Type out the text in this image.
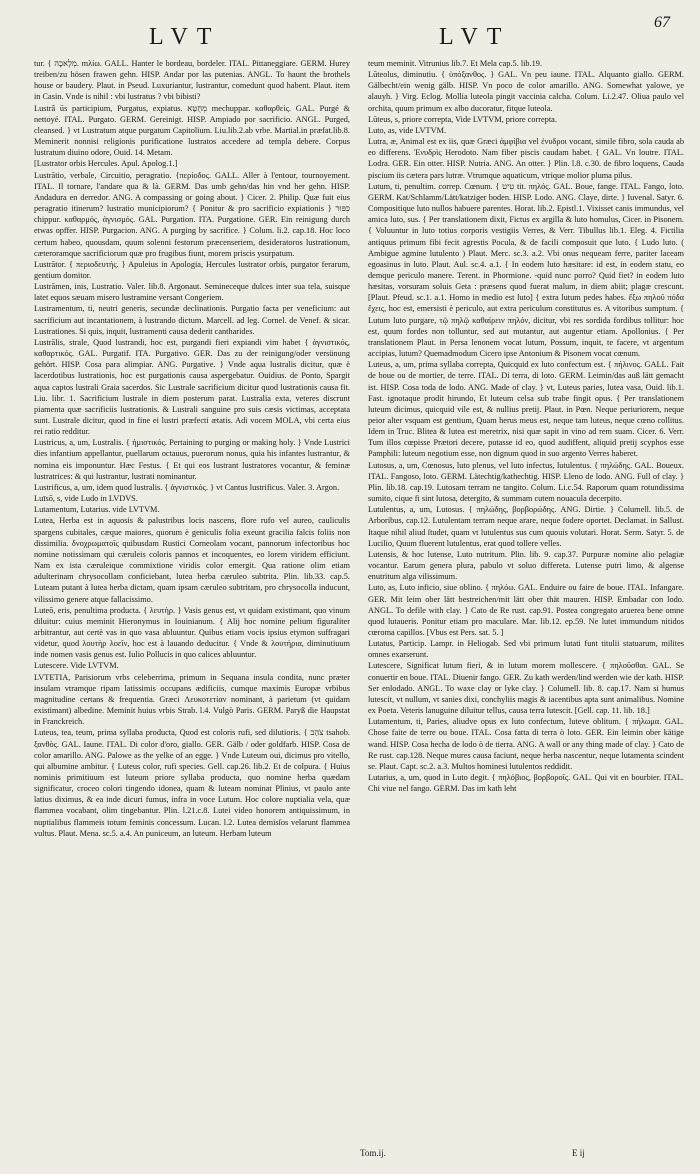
LVT	LVT
67

tur. { מְלָאכָה. mλίω. GALL. Hanter le bordeau, bordeler. ITAL. Pittaneggiare. GERM. Hurey treiben/zu hösen frawen gehn. HISP. Andar por las putenias. ANGL. To haunt the brothels house or baudery. Plaut. in Pseud. Luxuriantur, lustrantur, comedunt quod habent. Plaut. item in Casin. Vnde is nihil : vbi lustratus ? vbi bibisti?

Lustrâ ūs participium, Purgatus, expiatus. מְחֻטָּא mechuppar. καθαρθεὶς. GAL. Purgé & nettoyé. ITAL. Purgato. GERM. Gereinigt. HISP. Ampiado por sacrificio. ANGL. Purged, cleansed. } vt Lustratum atque purgatum Capitolium. Liu.lib.2.ab vrbe. Martial.in præfat.lib.8. Meminerit nonnisi religionis purificatione lustratos accedere ad templa debere. Corpus lustratum diuino odore, Ouid. 14. Metam.

[Lustrator orbis Hercules. Apul. Apolog.1.]

Lustrātio, verbale, Circuitio, peragratio. {περίοδος. GALL. Aller à l'entour, tournoyement. ITAL. Il tornare, l'andare qua & là. GERM. Das umb gehn/das hin vnd her gehn. HISP. Andadura en derredor. ANG. A compassing or going about. } Cicer. 2. Philip. Quæ fuit eius peragratio itinerum? lustratio municipiorum? { Ponitur & pro sacrificio expiationis } כִּפּוּר chippur. καθαρμός, ἁγνισμός. GAL. Purgation. ITA. Purgatione. GER. Ein reinigung durch etwas opffer. HISP. Purgacion. ANG. A purging by sacrifice. } Colum. li.2. cap.18. Hoc loco certum habeo, quousdam, quum solenni festorum præcenseriem, desideratoros lustrationum, cæteroramque sacrificiorum quæ pro frugibus fiunt, morem priscis ysurpatum.

Lustrātor. { περιοδευτής. } Apuleius in Apologia, Hercules lustrator orbis, purgator ferarum, gentium domitor.

Lustrāmen, inis, Lustratio. Valer. lib.8. Argonaut. Semineceque dulces inter sua tela, suisque latet equos sæuam misero lustramine versant Congeriem.

Lustramentum, ti, neutri generis, secundæ declinationis. Purgatio facta per veneficium: aut sacrificium aut incantationem, à lustrando dictum. Marcell. ad leg. Cornel. de Venef. & sicar. Lustrationes. Si quis, inquit, lustramenti causa dederit cantharides.

Lustrālis, strale, Quod lustrandi, hoc est, purgandi fieri expiandi vim habet { ἁγνιστικός, καθαρτικός. GAL. Purgatif. ITA. Purgativo. GER. Das zu der reinigung/oder versünung gehört. HISP. Cosa para alimpiar. ANG. Purgative. } Vnde aqua lustralis dicitur, quæ è lacerdotibus lustrationis, hoc est purgationis causa aspergebatur. Ouidius. de Ponto, Spargit aqua captos lustrali Graia sacerdos. Sic Lustrale sacrificium dicitur quod lustrationis causa fit. Liu. libr. 1. Sacrificium lustrale in diem posterum parat. Lustralia exta, veteres discrunt piamenta quæ sacrificiis lustrationis. & Lustrali sanguine pro suis cæsis victimas, acceptata sunt. Lustrale dicitur, quod in fine ei lustri præfecti ætatis. Adi vocem MOLA, vbi certa eius rei ratio redditur.

Lustricus, a, um, Lustralis. { ἡμιστικός. Pertaining to purging or making holy. } Vnde Lustrici dies infantium appellantur, puellarum octauus, puerorum nonus, quia his infantes lustrantur, & nomina eis imponuntur. Hæc Festus. { Et qui eos lustrant lustratores vocantur, & feminæ lustratrices: & qui lustrantur, lustrati nominantur.

Lustrificus, a, um, idem quod lustralis. { ἀγνιστικός. } vt Cantus lustrificus. Valer. 3. Argon.

Luīsō, s, vide Ludo in LVDVS.

Lutamentum, Lutarius. vide LVTVM.

Lutea, Herba est in aquosis & palustribus locis nascens, flore rufo vel aureo, cauliculis spargens cubitales, cæque maiores, quorum è geniculis folia exeunt gracilia falcis foliis non dissimilia. δνοχρωματοῖς quibusdam Rustici Corneolam vocant, pannorum infectoribus hoc nomine notissimam qui cæruleis coloris pannos et incoquentes, eo lorem viridem efficiunt. Nam ex ista cæruleique commixtione viridis color emergit. Qua ratione olim etiam adulterinam chrysocollam conficiebant, lutea herba cæruleo subtrita. Plin. lib.33. cap.5. Luteam putant à lutea herba dictam, quam ipsam cæruleo subtritam, pro chrysocolla inducunt, vilissimo genere atque fallacissimo.

Luteō, eris, penultima producta. { λευτὴρ. } Vasis genus est, vt quidam existimant, quo vinum diluitur: cuius meminit Hieronymus in Iouinianum. { Alij hoc nomine pelium figuraliter arbitrantur, aut certè vas in quo vasa abluuntur. Quibus etiam vocis ipsius etymon suffragari videtur, quod λουτὴρ λοεῖν, hoc est à lauando deducitur. { Vnde & λουτήρια, diminutiuum inde nomen vasis genus est. Iulio Pollucis in quo calices abluuntur.

Lutescere. Vide LVTVM.

LVTETIA, Parisiorum vrbs celeberrima, primum in Sequana insula condita, nunc præter insulam vtramque ripam latissimis occupans ædificiis, cumque maximis Europæ vrbibus magnitudine certans & frequentia. Græci Λευκοτετίαν nominant, à parietum (vt quidam existimant) albedine. Meminit huius vrbis Strab. l.4. Vulgò Paris. GERM. Paryß die Haupstat in Franckreich.

Luteus, tea, teum, prima syllaba producta, Quod est coloris rufi, sed dilutioris. { צֹהַב tsahob. ξανθὸς. GAL. Iaune. ITAL. Di color d'oro, giallo. GER. Gälb / oder goldfarb. HISP. Cosa de color amarillo. ANG. Palowe as the yelke of an egge. } Vnde Luteum oui, dicimus pro vitello, qui albumine ambitur. { Luteus color, rufi species. Gell. cap.26. lib.2. Et de colpura. { Huius nominis primitiuum est luteum priore syllaba producta, quo nomine herba quædam significatur, croceo colori tingendo idonea, quam & luteam nominat Plinius, vt paulo ante latius diximus, & ea inde dicuri fumus, infra in voce Lutum. Hoc colore nuptialia vela, quæ flammea vocabant, olim tingebantur. Plin. l.21.c.8. Lutei video honorem antiquissimum, in nuptialibus flammeis totum feminis concessum. Lucan. l.2. Lutea demisſos velarunt flammea vultus. Plaut. Mena. sc.5. a.4. An puniceum, an luteum. Herbam luteum

teum meminit. Vitrunius lib.7. Et Mela cap.5. lib.19.

Lūteolus, diminutiu. { ὑπόξανθος. } GAL. Vn peu iaune. ITAL. Alquanto giallo. GERM. Gälbecht/ein wenig gälb. HISP. Vn poco de color amarillo. ANG. Somewhat yalowe, ye alauyh. } Virg. Eclog. Mollia luteola pingit vaccinia calcha. Colum. Li.2.47. Oliua paulo vel orchita, quum primum ex albo ducoratur, fitque luteola.

Lūteus, s, priore correpta, Vide LVTVM, priore correpta.

Luto, as, vide LVTVM.

Lutra, æ, Animal est ex iis, quæ Græci ἀμφίβια vel ἐνυδροι vocant, simile fibro, sola cauda ab eo differens. Ἐνυδρὶς Herodoto. Nam fiber piscis caudam habet. { GAL. Vn loutre. ITAL. Lodra. GER. Ein otter. HISP. Nutria. ANG. An otter. } Plin. l.8. c.30. de fibro loquens, Cauda piscium iis cætera pars lutræ. Vtrumque aquaticum, vtrique molior pluma pilus.

Lutum, ti, penultim. correp. Cœnum. { טִיט tit. πηλός. GAL. Boue, fange. ITAL. Fango, loto. GERM. Kat/Schlamm/Lätt/katziger boden. HISP. Lodo. ANG. Claye, dirte. } Iuvenal. Satyr. 6. Compositique luto nullos habuere parentes. Horat. lib.2. Epistl.1. Vixisset canis immundus, vel amica luto, sus. { Per translationem dixit, Fictus ex argilla & luto homulus, Cicer. in Pisonem. { Voluuntur in luto totius corporis vestigiis Verres, & Verr. Tibullus lib.1. Eleg. 4. Fictilia antiquus primum fibi fecit agrestis Pocula, & de facili composuit que luto. { Ludo luto. ( Ambigue agmine lutulento ) Plaut. Merc. sc.3. a.2. Vbi onus nequeam ferre, pariter laceam egoasinus in luto. Plaut. Aul. sc.4. a.1. { In eodem luto hæsitare: id est, in eodem statu, eo demque periculo manere. Terent. in Phormione. -quid nunc porro? Quid fiet? in eodem luto hæsitas, vorsuram soluis Geta : præsens quod fuerat malum, in diem abiit; plagæ crescunt. [Plaut. Pfeud. sc.1. a.1. Homo in medio est luto] { extra lutum pedes habes. ἔξω πηλοῦ πόδα ἔχεις, hoc est, emersisti è periculo, aut extra periculum constitutus es. A vitoribus sumptum. { Lutum luto purgare, τῷ πηλῷ καθαίρειν πηλόν, dicitur, vbi res sordida fordibus tollitur: hoc est, quum fordes non tolluntur, sed aut mutantur, aut augentur etiam. Apollonius. { Per translationem Plaut. in Persa lenonem vocat lutum, Possum, inquit, te facere, vt argentum accipias, lutum? Quemadmodum Cicero ipse Antonium & Pisonem vocat cœnum.

Luteus, a, um, prima syllaba correpta, Quicquid ex luto confectum est. { πήλινος. GALL. Fait de boue ou de mortier, de terre. ITAL. Di terra, di loto. GERM. Leimin/das auß lätt gemacht ist. HISP. Cosa toda de lodo. ANG. Made of clay. } vt, Luteus paries, lutea vasa, Ouid. lib.1. Fast. ignotaque prodit hirundo, Et luteum celsa sub trabe fingit opus. { Per translationem luteum dicimus, quicquid vile est, & nullius pretij. Plaut. in Pœn. Neque periuriorem, neque peior alter vsquam est gentium, Quam herus meus est, neque tam luteus, neque cœno collitus. Idem in Truc. Blitea & lutea est meretrix, nisi quæ sapit in vino ad rem suam. Cicer. 6. Verr. Tum illos cœpisse Prætori decere, putasse id eo, quod audiffent, aliquid pretij scyphos esse Pamphili: luteum negotium esse, non dignum quod in suo argento Verres haberet.

Lutosus, a, um, Cœnosus, luto plenus, vel luto infectus, lutulentus. { πηλώδης. GAL. Boueux. ITAL. Fangoso, loto. GERM. Lätechtig/kathechtig. HISP. Lleno de lodo. ANG. Full of clay. } Plin. lib.18. cap.19. Lutosam terram ne tangito. Colum. Li.c.54. Raporum quam rotundissima sumito, cique fi sint lutosa, detergito, & summam cutem nouacula decerpito.

Lutulentus, a, um, Lutosus. { πηλώδης, βορβορώδης. ANG. Dirtie. } Columell. lib.5. de Arboribus, cap.12. Lutulentam terram neque arare, neque fodere oportet. Declamat. in Sallust. Itaque nihil aliud ſtudet, quam vt lutulentus sus cum quouis volutari. Horat. Serm. Satyr. 5. de Lucilio, Quum fluerent lutulentus, erat quod tollere velles.

Lutensis, & hoc lutense, Luto nutritum. Plin. lib. 9. cap.37. Purpuræ nomine alio pelagiæ vocantur. Earum genera plura, pabulo vt soluo differeta. Lutense putri limo, & algense enutritum alga vilissimum.

Luto, as, Luto inficio, siue oblino. { πηλόω. GAL. Enduire ou faire de boue. ITAL. Infangare. GER. Mit leim ober lätt bestreichen/mit lätt ober thät mauren. HISP. Embadar con lodo. ANGL. To defile with clay. } Cato de Re rust. cap.91. Postea congregato aruerea bene omne quod lutaueris. Ponitur etiam pro maculare. Mar. lib.12. ep.59. Ne lutet immundum nitidos cœroma capillos. [Vbus est Pers. sat. 5. ]

Lutatus, Particip. Lampr. in Heliogab. Sed vbi primum lutati funt titulii statuarum, milites omnes exarserunt.

Lutescere, Significat lutum fieri, & in lutum morem mollescere. { πηλοῦσθαι. GAL. Se conuertir en boue. ITAL. Diuenir fango. GER. Zu kath werden/lind werden wie der kath. HISP. Ser enlodado. ANGL. To waxe clay or lyke clay. } Columell. lib. 8. cap.17. Nam si humus lutescit, vt nullum, vt sanies dixi, conchyliis magis & iacentibus apta sunt animalibus. Nomine ex Poeta. Veteris lanuguine diluitur tellus, causa terra lutescit. [Gell. cap. 11. lib. 18.]

Lutamentum, ti, Paries, aliudve opus ex luto confectum, luteve oblitum. { πήλωμα. GAL. Chose faite de terre ou boue. ITAL. Cosa fatta di terra ò loto. GER. Ein leimin ober kätige wand. HISP. Cosa hecha de lodo ò de tierra. ANG. A wall or any thing made of clay. } Cato de Re rust. cap.128. Neque mures causa faciunt, neque herba nascentur, neque lutamenta scindent se. Plaut. Capt. sc.2. a.3. Multos hominesi lutulentos reddidit.

Lutarius, a, um, quod in Luto degit. { πηλόβιος, βορβοροῖς. GAL. Qui vit en bourbier. ITAL. Chi viue nel fango. GERM. Das im kath leht

Tom.ij.	E ij
